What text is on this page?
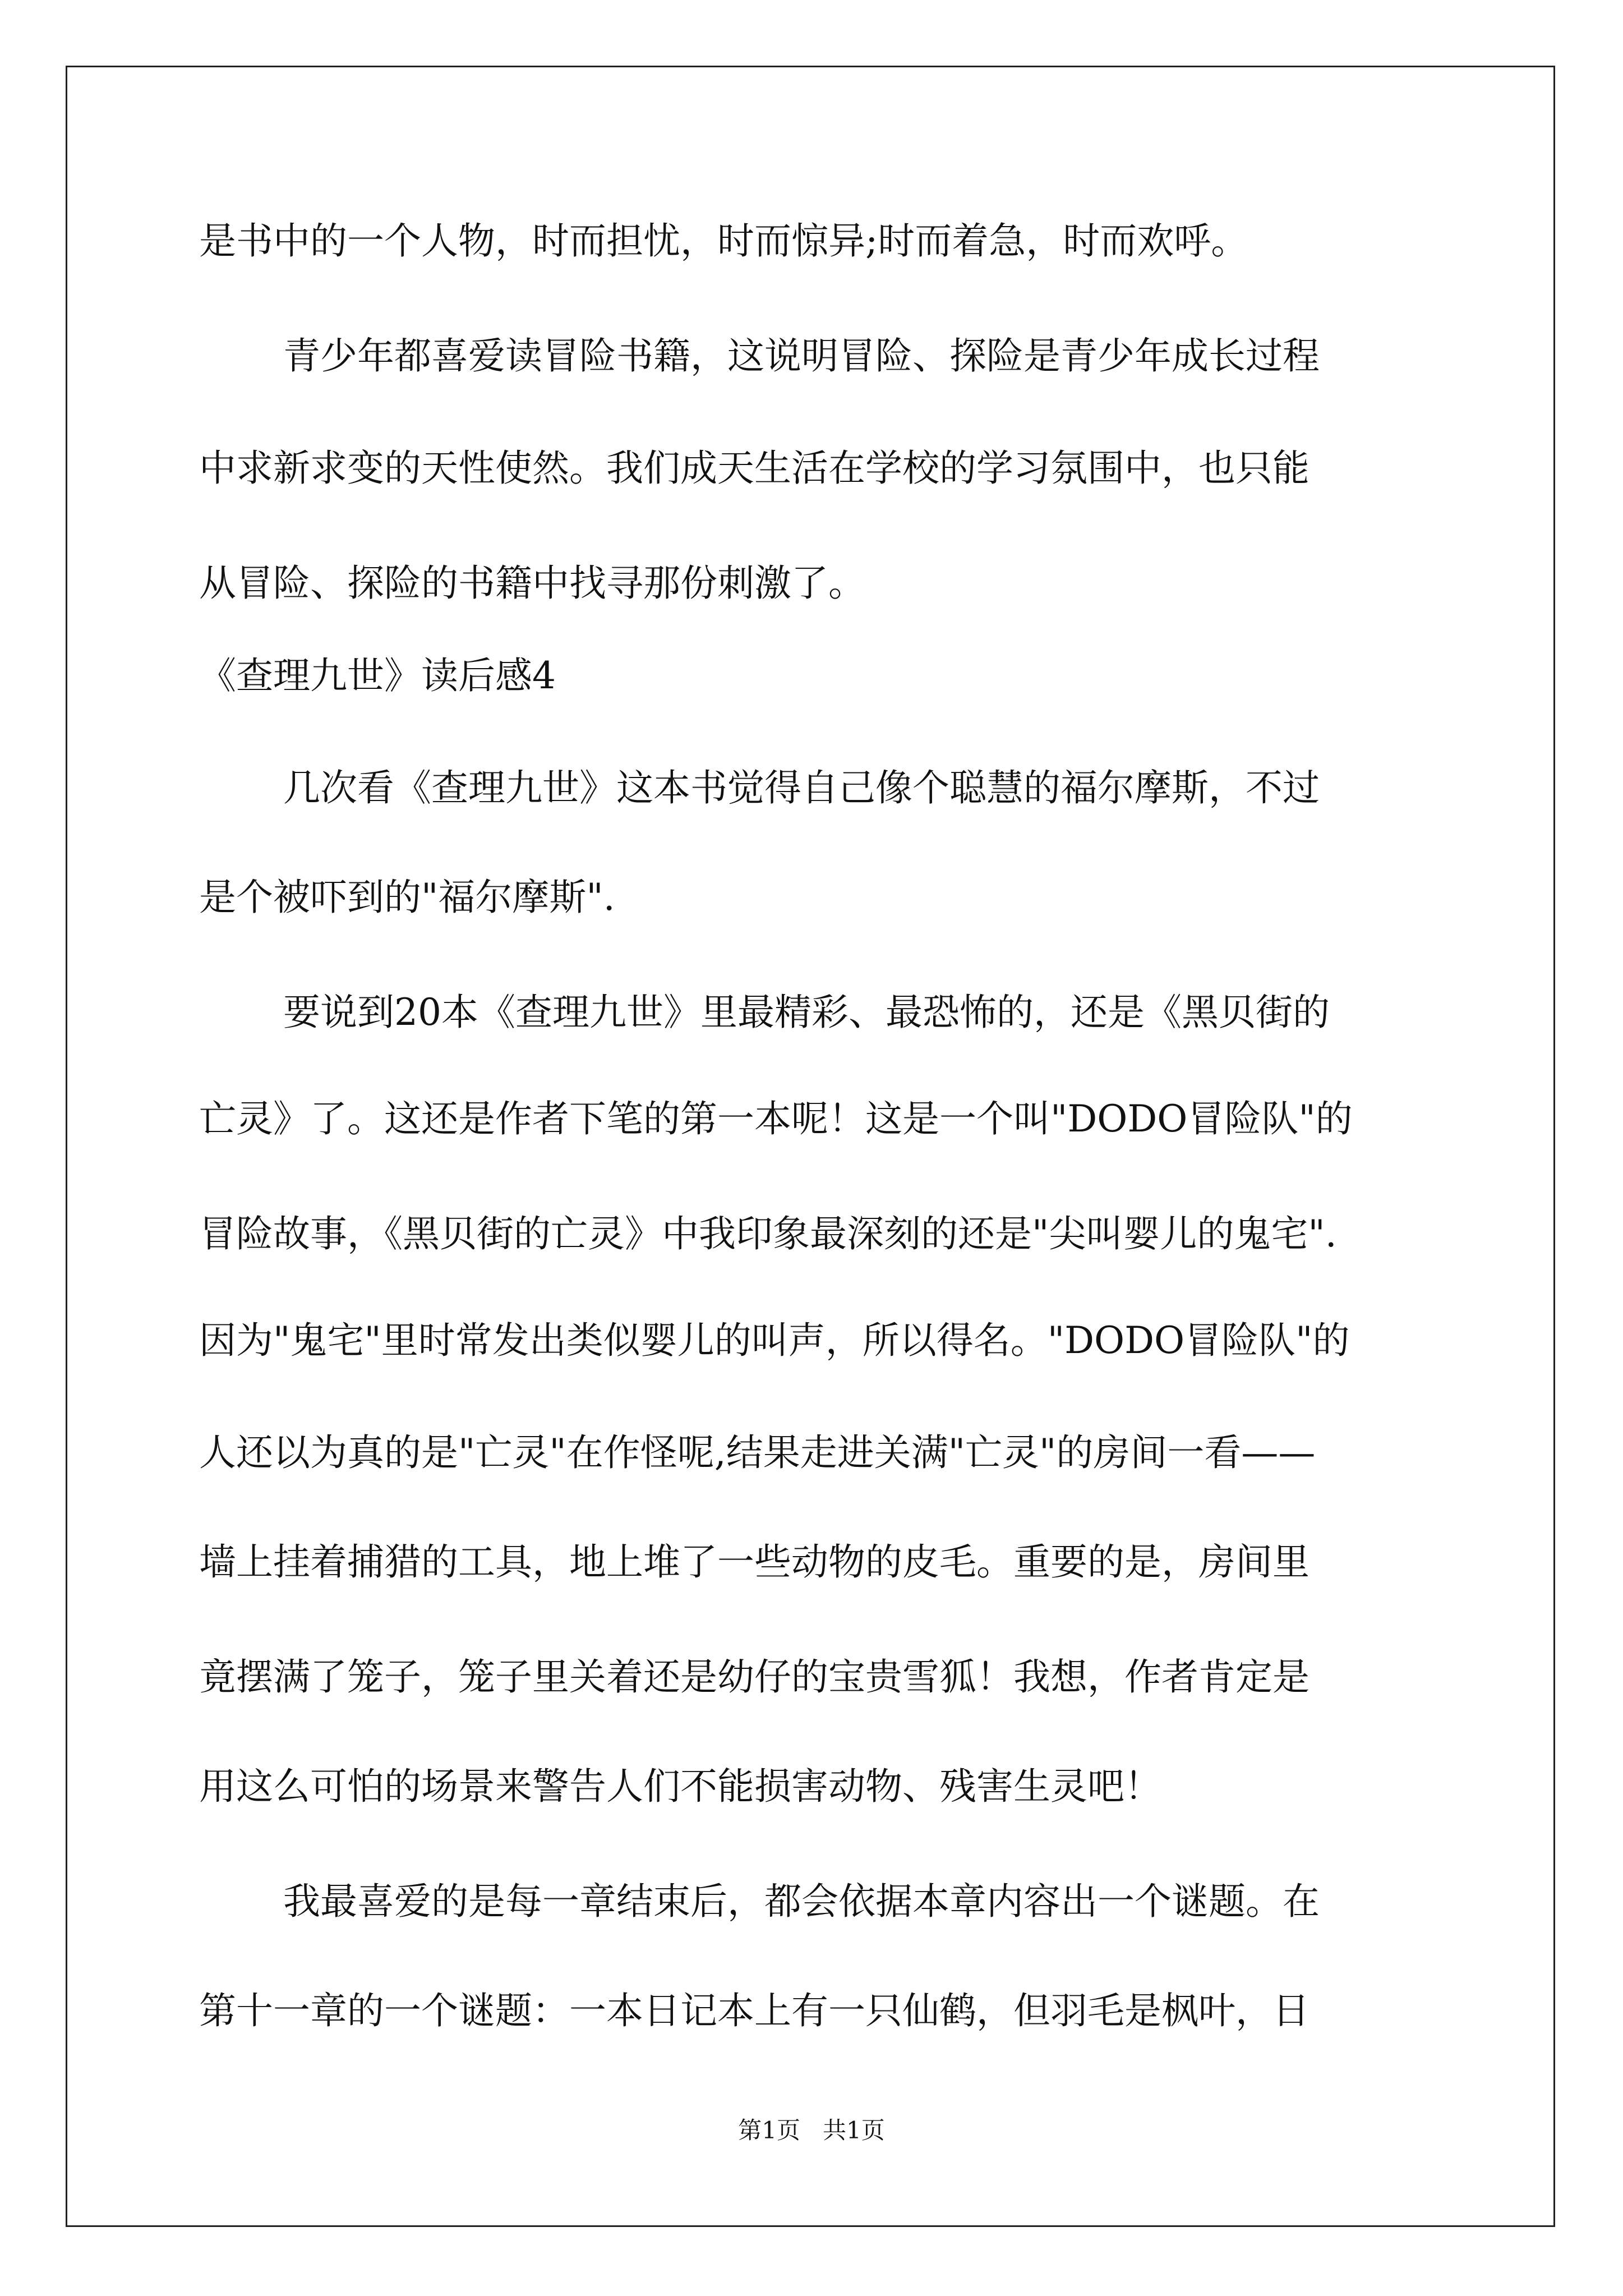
是书中的一个人物，时而担忧，时而惊异;时而着急，时而欢呼。
青少年都喜爱读冒险书籍，这说明冒险、探险是青少年成长过程
中求新求变的天性使然。我们成天生活在学校的学习氛围中，也只能
从冒险、探险的书籍中找寻那份刺激了。
《查理九世》读后感4
几次看《查理九世》这本书觉得自己像个聪慧的福尔摩斯，不过
是个被吓到的"福尔摩斯".
要说到20本《查理九世》里最精彩、最恐怖的，还是《黑贝街的
亡灵》了。这还是作者下笔的第一本呢！这是一个叫"DODO冒险队"的
冒险故事，《黑贝街的亡灵》中我印象最深刻的还是"尖叫婴儿的鬼宅".
因为"鬼宅"里时常发出类似婴儿的叫声，所以得名。"DODO冒险队"的
人还以为真的是"亡灵"在作怪呢,结果走进关满"亡灵"的房间一看——
墙上挂着捕猎的工具，地上堆了一些动物的皮毛。重要的是，房间里
竟摆满了笼子，笼子里关着还是幼仔的宝贵雪狐！我想，作者肯定是
用这么可怕的场景来警告人们不能损害动物、残害生灵吧！
我最喜爱的是每一章结束后，都会依据本章内容出一个谜题。在
第十一章的一个谜题：一本日记本上有一只仙鹤，但羽毛是枫叶，日
第1页 共1页
